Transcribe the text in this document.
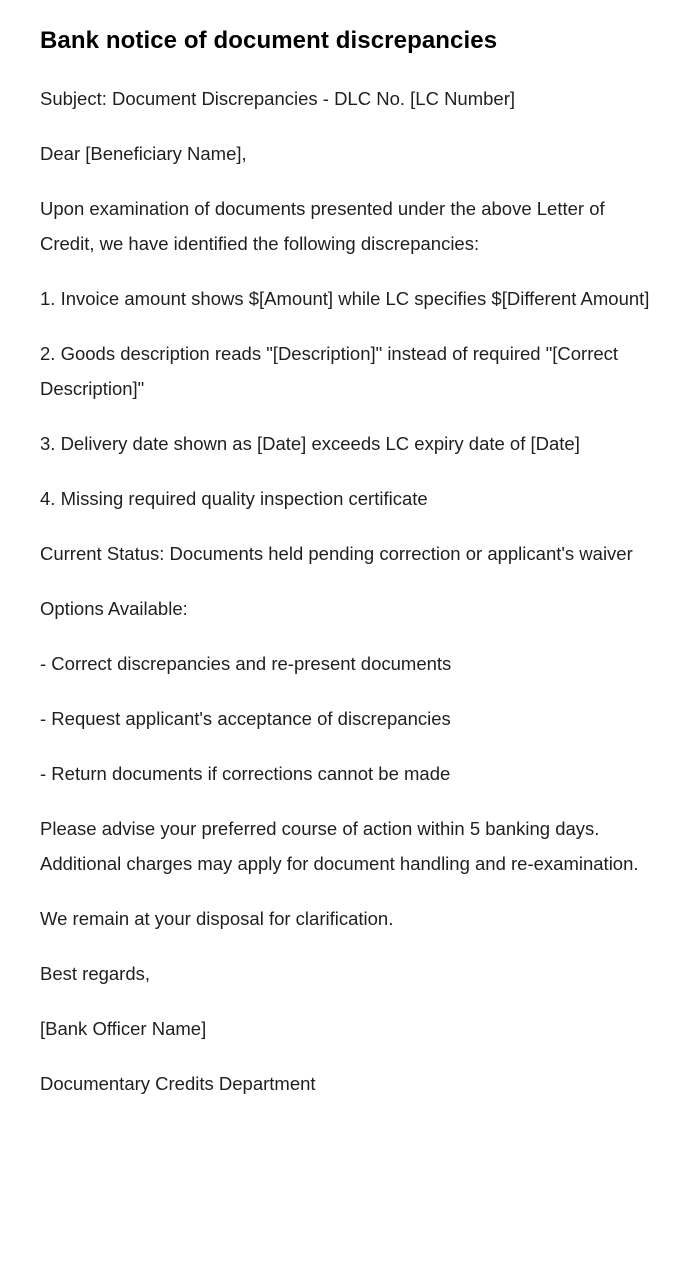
Bank notice of document discrepancies

Subject: Document Discrepancies - DLC No. [LC Number]

Dear [Beneficiary Name],

Upon examination of documents presented under the above Letter of Credit, we have identified the following discrepancies:

1. Invoice amount shows $[Amount] while LC specifies $[Different Amount]

2. Goods description reads "[Description]" instead of required "[Correct Description]"

3. Delivery date shown as [Date] exceeds LC expiry date of [Date]

4. Missing required quality inspection certificate

Current Status: Documents held pending correction or applicant's waiver

Options Available:

- Correct discrepancies and re-present documents

- Request applicant's acceptance of discrepancies

- Return documents if corrections cannot be made

Please advise your preferred course of action within 5 banking days. Additional charges may apply for document handling and re-examination.

We remain at your disposal for clarification.

Best regards,

[Bank Officer Name]

Documentary Credits Department
